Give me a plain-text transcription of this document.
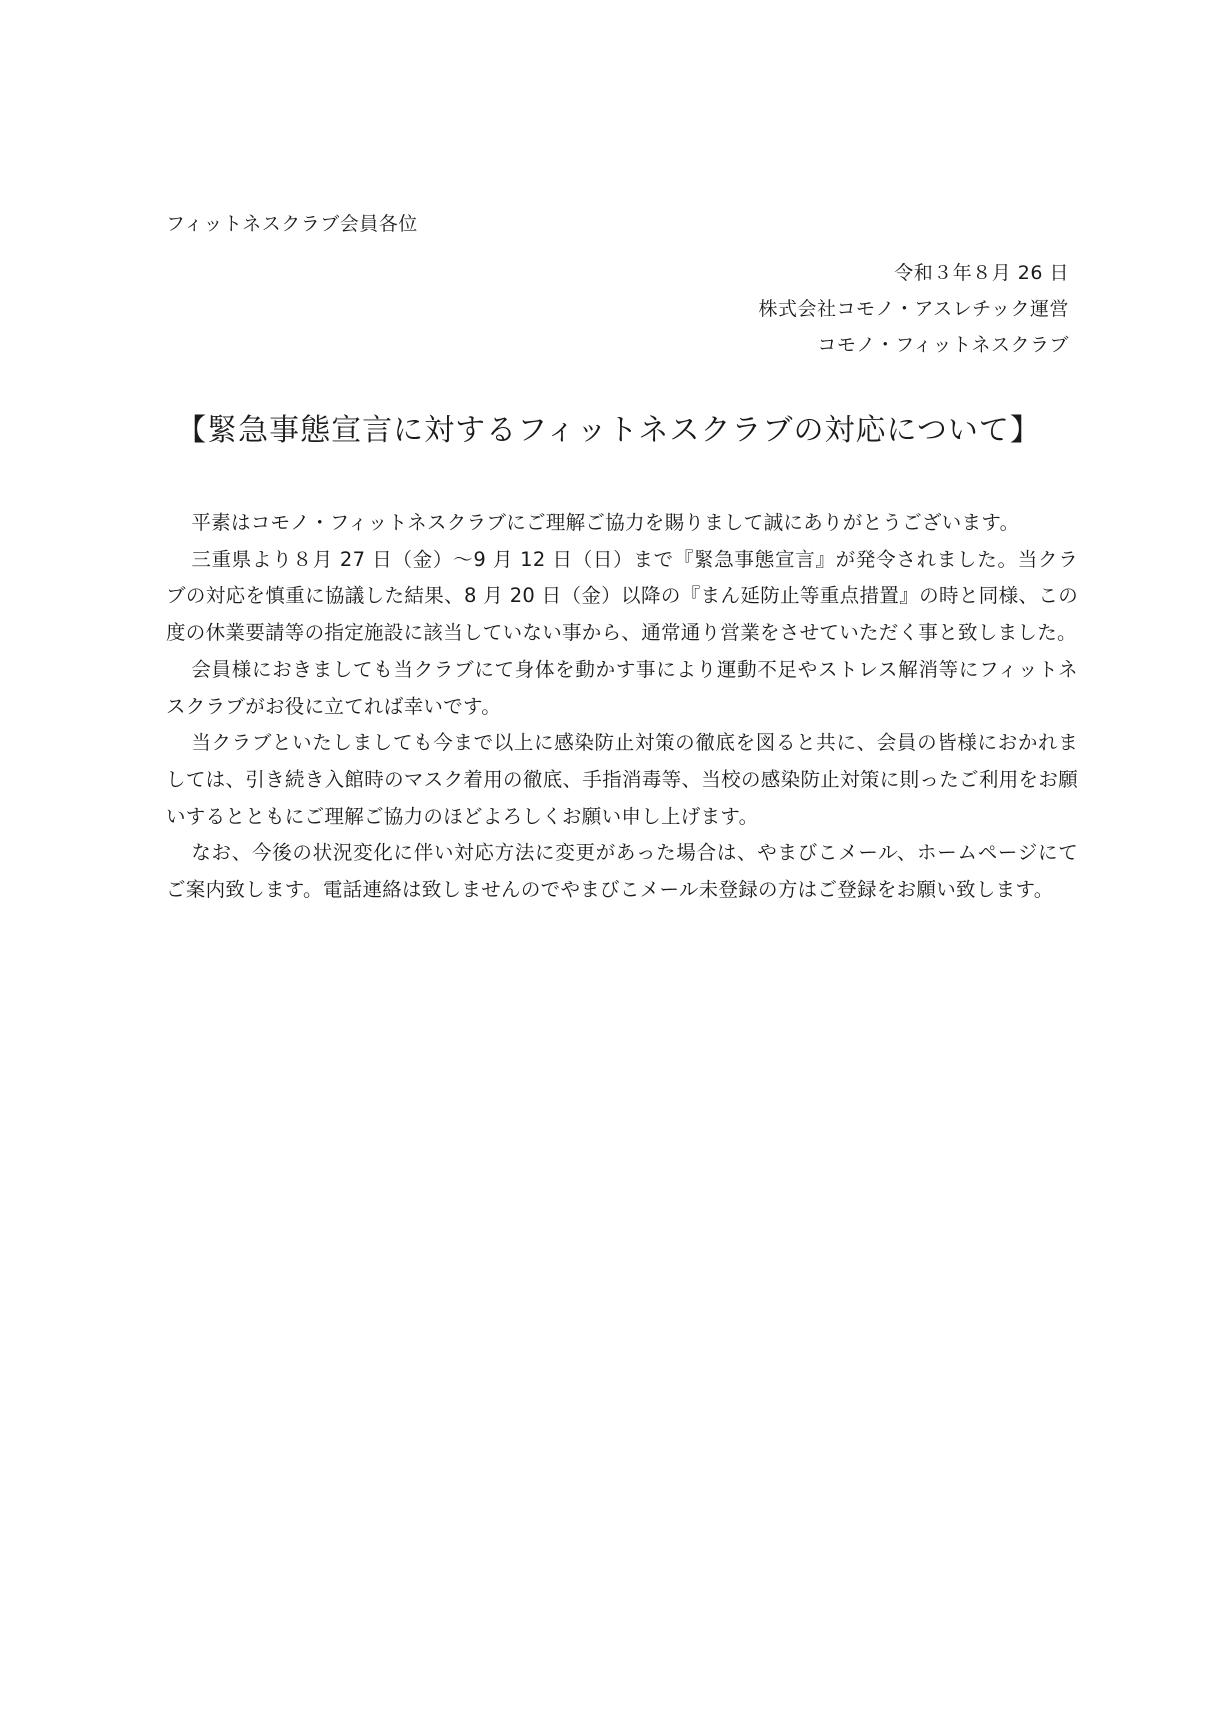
フィットネスクラブ会員各位
令和３年８月 26 日
株式会社コモノ・アスレチック運営
コモノ・フィットネスクラブ
【緊急事態宣言に対するフィットネスクラブの対応について】

平素はコモノ・フィットネスクラブにご理解ご協力を賜りまして誠にありがとうございます。

三重県より８月 27 日（金）～9 月 12 日（日）まで『緊急事態宣言』が発令されました。当クラブの対応を慎重に協議した結果、8 月 20 日（金）以降の『まん延防止等重点措置』の時と同様、この度の休業要請等の指定施設に該当していない事から、通常通り営業をさせていただく事と致しました。

会員様におきましても当クラブにて身体を動かす事により運動不足やストレス解消等にフィットネスクラブがお役に立てれば幸いです。

当クラブといたしましても今まで以上に感染防止対策の徹底を図ると共に、会員の皆様におかれましては、引き続き入館時のマスク着用の徹底、手指消毒等、当校の感染防止対策に則ったご利用をお願いするとともにご理解ご協力のほどよろしくお願い申し上げます。

なお、今後の状況変化に伴い対応方法に変更があった場合は、やまびこメール、ホームページにてご案内致します。電話連絡は致しませんのでやまびこメール未登録の方はご登録をお願い致します。
